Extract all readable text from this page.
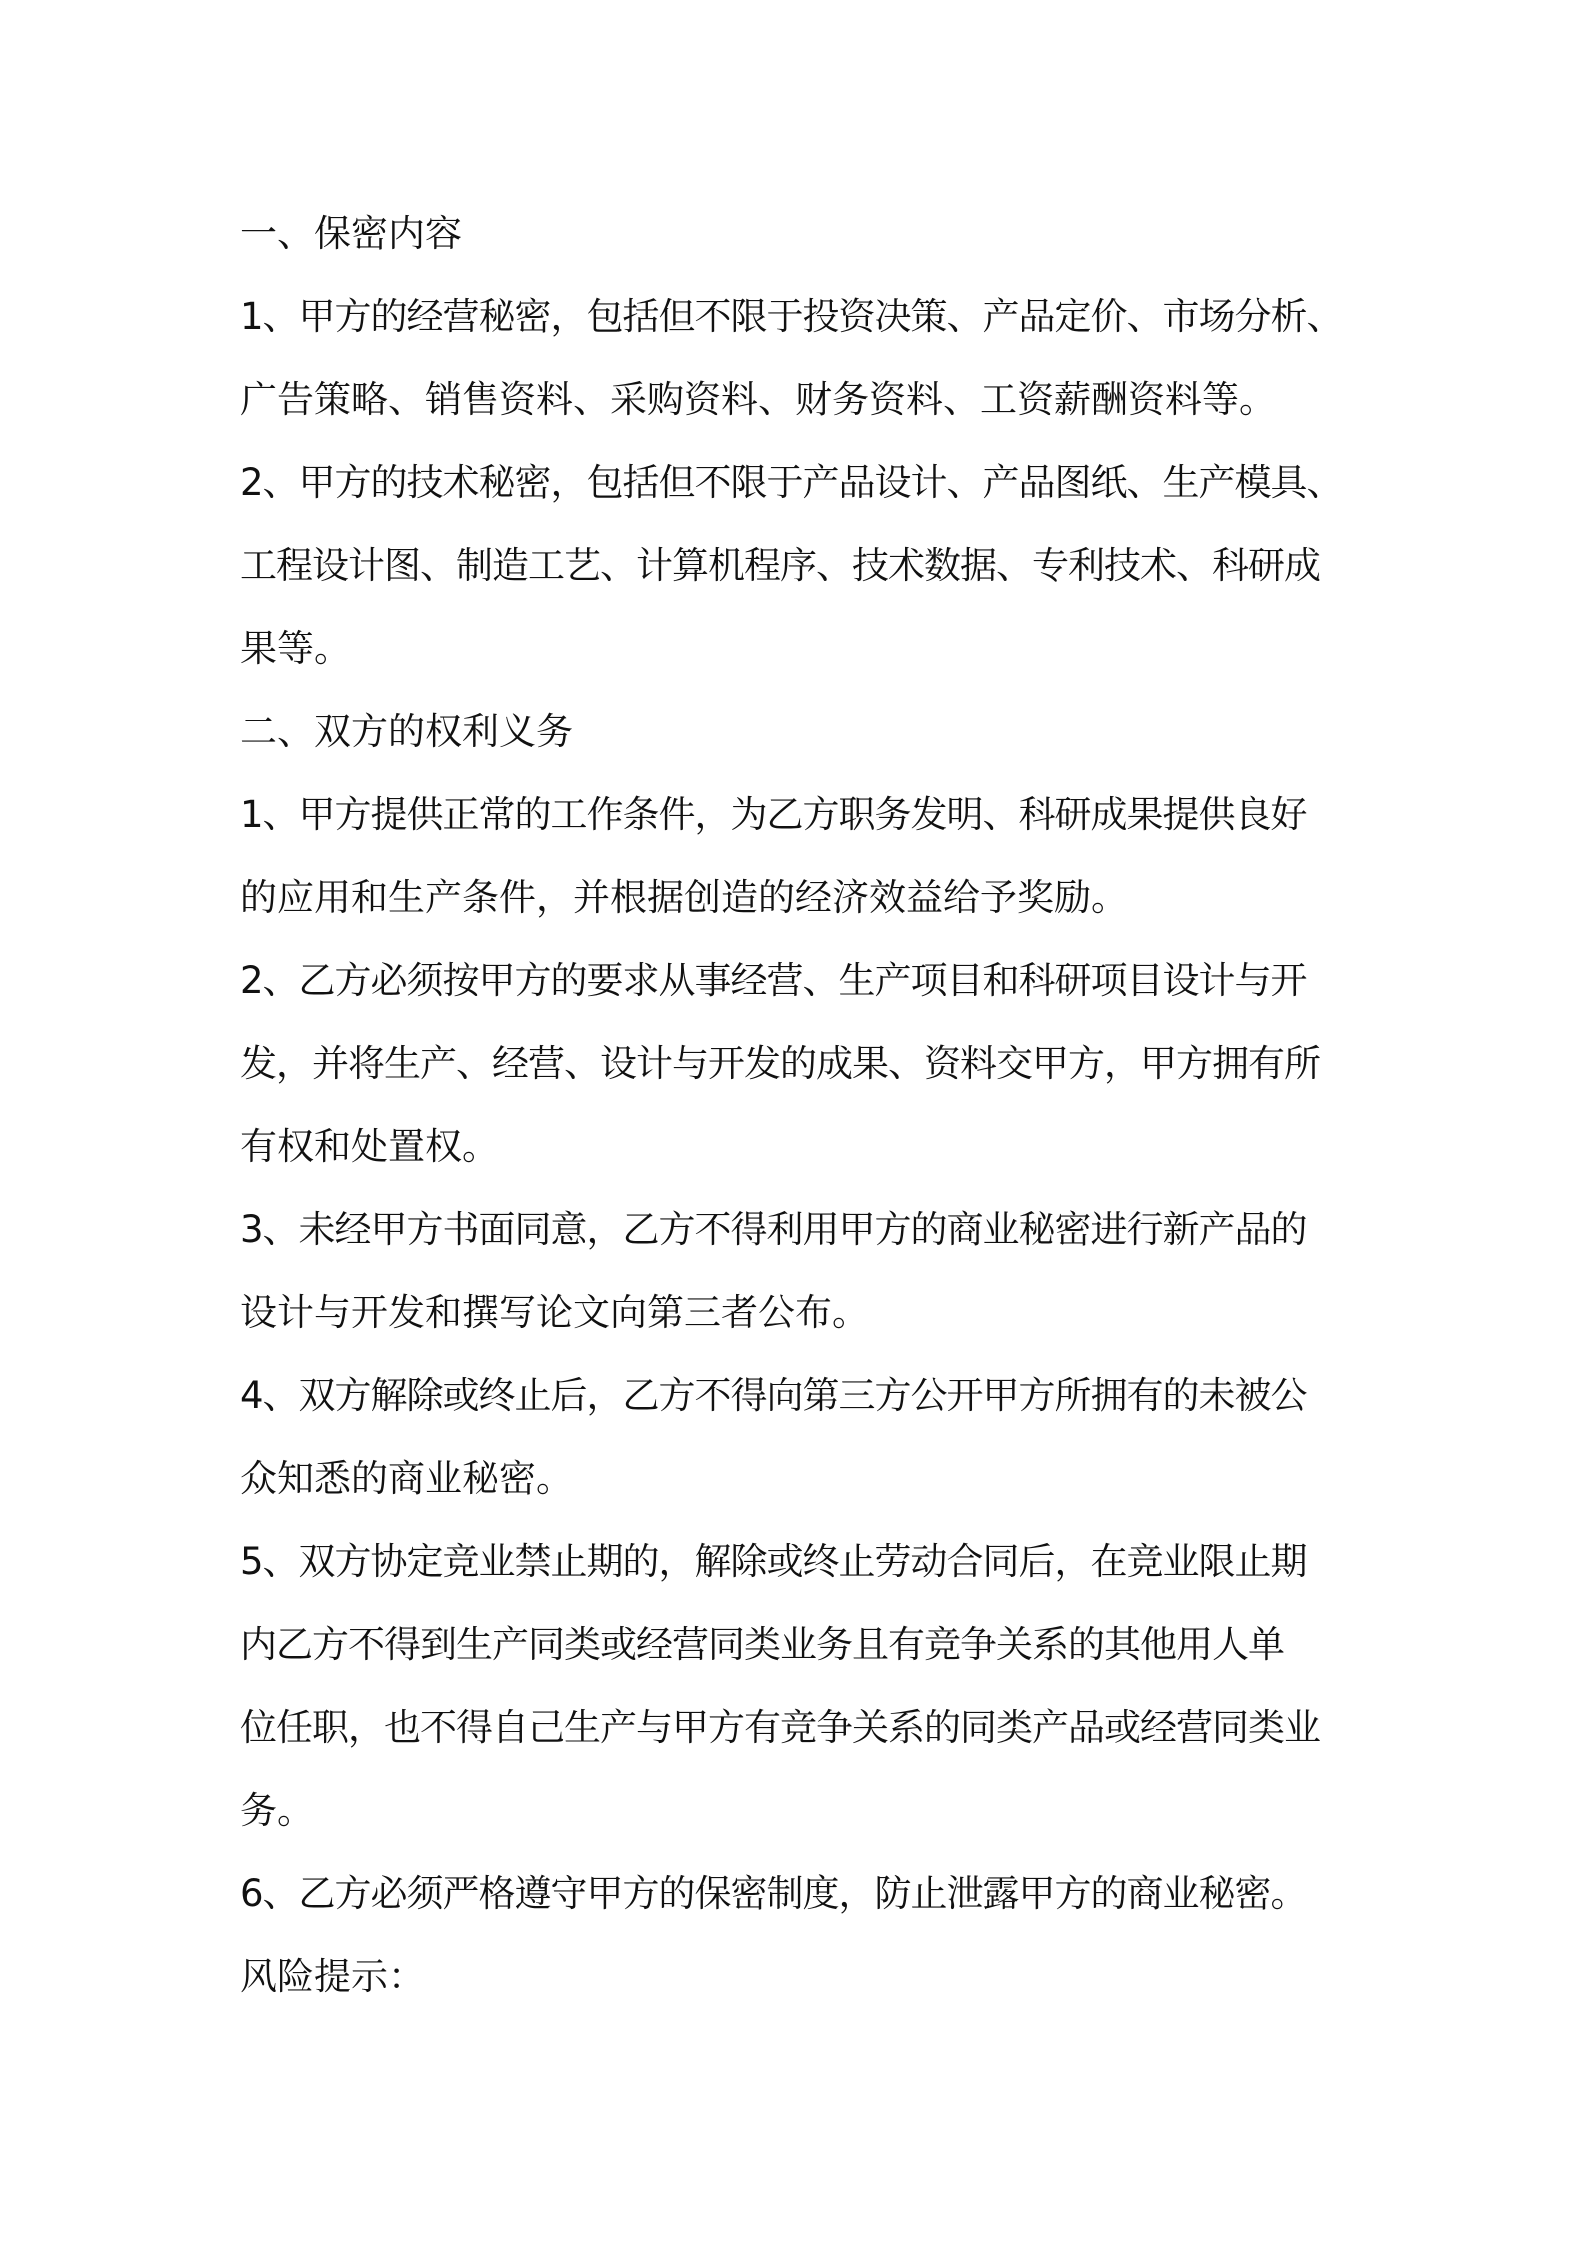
一、保密内容
1、甲方的经营秘密，包括但不限于投资决策、产品定价、市场分析、
广告策略、销售资料、采购资料、财务资料、工资薪酬资料等。
2、甲方的技术秘密，包括但不限于产品设计、产品图纸、生产模具、
工程设计图、制造工艺、计算机程序、技术数据、专利技术、科研成
果等。
二、双方的权利义务
1、甲方提供正常的工作条件，为乙方职务发明、科研成果提供良好
的应用和生产条件，并根据创造的经济效益给予奖励。
2、乙方必须按甲方的要求从事经营、生产项目和科研项目设计与开
发，并将生产、经营、设计与开发的成果、资料交甲方，甲方拥有所
有权和处置权。
3、未经甲方书面同意，乙方不得利用甲方的商业秘密进行新产品的
设计与开发和撰写论文向第三者公布。
4、双方解除或终止后，乙方不得向第三方公开甲方所拥有的未被公
众知悉的商业秘密。
5、双方协定竞业禁止期的，解除或终止劳动合同后，在竞业限止期
内乙方不得到生产同类或经营同类业务且有竞争关系的其他用人单
位任职，也不得自己生产与甲方有竞争关系的同类产品或经营同类业
务。
6、乙方必须严格遵守甲方的保密制度，防止泄露甲方的商业秘密。
风险提示：
